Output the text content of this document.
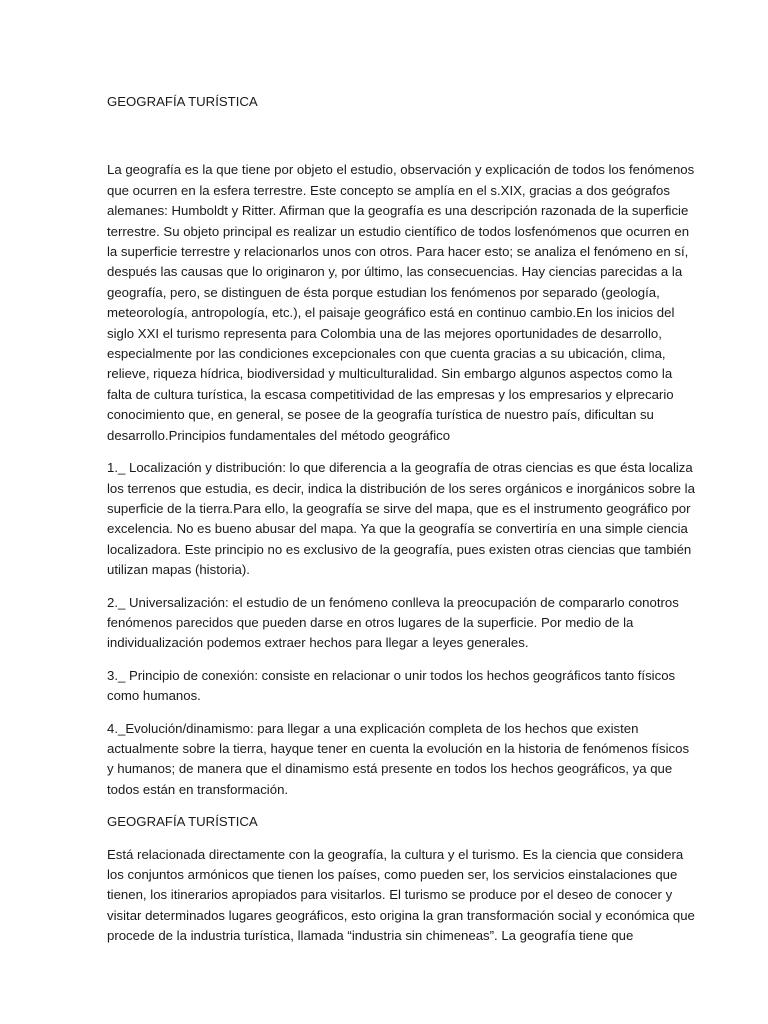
GEOGRAFÍA TURÍSTICA

La geografía es la que tiene por objeto el estudio, observación y explicación de todos los fenómenos que ocurren en la esfera terrestre. Este concepto se amplía en el s.XIX, gracias a dos geógrafos alemanes: Humboldt y Ritter. Afirman que la geografía es una descripción razonada de la superficie terrestre. Su objeto principal es realizar un estudio científico de todos losfenómenos que ocurren en la superficie terrestre y relacionarlos unos con otros. Para hacer esto; se analiza el fenómeno en sí, después las causas que lo originaron y, por último, las consecuencias. Hay ciencias parecidas a la geografía, pero, se distinguen de ésta porque estudian los fenómenos por separado (geología, meteorología, antropología, etc.), el paisaje geográfico está en continuo cambio.En los inicios del siglo XXI el turismo representa para Colombia una de las mejores oportunidades de desarrollo, especialmente por las condiciones excepcionales con que cuenta gracias a su ubicación, clima, relieve, riqueza hídrica, biodiversidad y multiculturalidad. Sin embargo algunos aspectos como la falta de cultura turística, la escasa competitividad de las empresas y los empresarios y elprecario conocimiento que, en general, se posee de la geografía turística de nuestro país, dificultan su desarrollo.Principios fundamentales del método geográfico

1._ Localización y distribución: lo que diferencia a la geografía de otras ciencias es que ésta localiza los terrenos que estudia, es decir, indica la distribución de los seres orgánicos e inorgánicos sobre la superficie de la tierra.Para ello, la geografía se sirve del mapa, que es el instrumento geográfico por excelencia. No es bueno abusar del mapa. Ya que la geografía se convertiría en una simple ciencia localizadora. Este principio no es exclusivo de la geografía, pues existen otras ciencias que también utilizan mapas (historia).

2._ Universalización: el estudio de un fenómeno conlleva la preocupación de compararlo conotros fenómenos parecidos que pueden darse en otros lugares de la superficie. Por medio de la individualización podemos extraer hechos para llegar a leyes generales.

3._ Principio de conexión: consiste en relacionar o unir todos los hechos geográficos tanto físicos como humanos.

4._Evolución/dinamismo: para llegar a una explicación completa de los hechos que existen actualmente sobre la tierra, hayque tener en cuenta la evolución en la historia de fenómenos físicos y humanos; de manera que el dinamismo está presente en todos los hechos geográficos, ya que todos están en transformación.

GEOGRAFÍA TURÍSTICA

Está relacionada directamente con la geografía, la cultura y el turismo. Es la ciencia que considera los conjuntos armónicos que tienen los países, como pueden ser, los servicios einstalaciones que tienen, los itinerarios apropiados para visitarlos. El turismo se produce por el deseo de conocer y visitar determinados lugares geográficos, esto origina la gran transformación social y económica que procede de la industria turística, llamada “industria sin chimeneas”. La geografía tiene que
